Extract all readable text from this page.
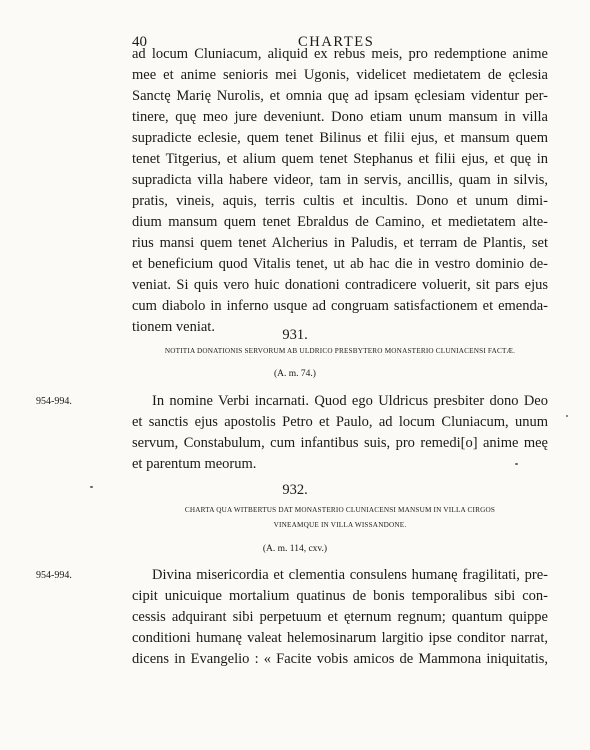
40	CHARTES
ad locum Cluniacum, aliquid ex rebus meis, pro redemptione anime
mee et anime senioris mei Ugonis, videlicet medietatem de ęclesia
Sanctę Marię Nurolis, et omnia quę ad ipsam ęclesiam videntur per-
tinere, quę meo jure deveniunt. Dono etiam unum mansum in villa
supradicte eclesie, quem tenet Bilinus et filii ejus, et mansum quem
tenet Titgerius, et alium quem tenet Stephanus et filii ejus, et quę in
supradicta villa habere videor, tam in servis, ancillis, quam in silvis,
pratis, vineis, aquis, terris cultis et incultis. Dono et unum dimi-
dium mansum quem tenet Ebraldus de Camino, et medietatem alte-
rius mansi quem tenet Alcherius in Paludis, et terram de Plantis, set
et beneficium quod Vitalis tenet, ut ab hac die in vestro dominio de-
veniat. Si quis vero huic donationi contradicere voluerit, sit pars ejus
cum diabolo in inferno usque ad congruam satisfactionem et emenda-
tionem veniat.	931.
NOTITIA DONATIONIS SERVORUM AB ULDRICO PRESBYTERO MONASTERIO CLUNIACENSI FACTÆ.
(A. m. 74.)
954-994.	In nomine Verbi incarnati. Quod ego Uldricus presbiter dono Deo
et sanctis ejus apostolis Petro et Paulo, ad locum Cluniacum, unum
servum, Constabulum, cum infantibus suis, pro remedi[o] anime meę
et parentum meorum.
932.
CHARTA QUA WITBERTUS DAT MONASTERIO CLUNIACENSI MANSUM IN VILLA CIRGOS
VINEAMQUE IN VILLA WISSANDONE.
(A. m. 114, cxv.)
954-994.	Divina misericordia et clementia consulens humanę fragilitati, pre-
cipit unicuique mortalium quatinus de bonis temporalibus sibi con-
cessis adquirant sibi perpetuum et ęternum regnum; quantum quippe
conditioni humanę valeat helemosinarum largitio ipse conditor narrat,
dicens in Evangelio : « Facite vobis amicos de Mammona iniquitatis,
